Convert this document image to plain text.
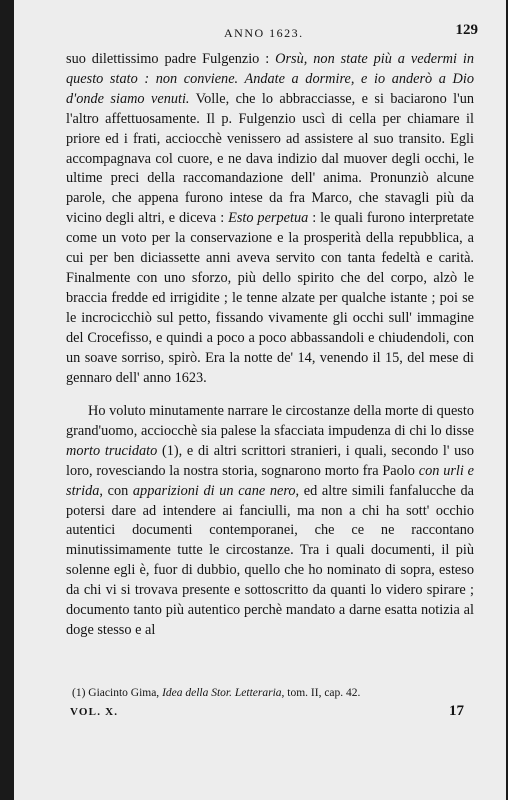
ANNO 1623.	129

suo dilettissimo padre Fulgenzio : Orsù, non state più a vedermi in questo stato : non conviene. Andate a dormire, e io anderò a Dio d'onde siamo venuti. Volle, che lo abbracciasse, e si baciarono l'un l'altro affettuosamente. Il p. Fulgenzio uscì di cella per chiamare il priore ed i frati, acciocchè venissero ad assistere al suo transito. Egli accompagnava col cuore, e ne dava indizio dal muover degli occhi, le ultime preci della raccomandazione dell' anima. Pronunziò alcune parole, che appena furono intese da fra Marco, che stavagli più da vicino degli altri, e diceva : Esto perpetua : le quali furono interpretate come un voto per la conservazione e la prosperità della repubblica, a cui per ben diciassette anni aveva servito con tanta fedeltà e carità. Finalmente con uno sforzo, più dello spirito che del corpo, alzò le braccia fredde ed irrigidite ; le tenne alzate per qualche istante ; poi se le incrocicchiò sul petto, fissando vivamente gli occhi sull' immagine del Crocefisso, e quindi a poco a poco abbassandoli e chiudendoli, con un soave sorriso, spirò. Era la notte de' 14, venendo il 15, del mese di gennaro dell' anno 1623.

Ho voluto minutamente narrare le circostanze della morte di questo grand'uomo, acciocchè sia palese la sfacciata impudenza di chi lo disse morto trucidato (1), e di altri scrittori stranieri, i quali, secondo l' uso loro, rovesciando la nostra storia, sognarono morto fra Paolo con urli e strida, con apparizioni di un cane nero, ed altre simili fanfalucche da potersi dare ad intendere ai fanciulli, ma non a chi ha sott' occhio autentici documenti contemporanei, che ce ne raccontano minutissimamente tutte le circostanze. Tra i quali documenti, il più solenne egli è, fuor di dubbio, quello che ho nominato di sopra, esteso da chi vi si trovava presente e sottoscritto da quanti lo videro spirare ; documento tanto più autentico perchè mandato a darne esatta notizia al doge stesso e al

(1) Giacinto Gima, Idea della Stor. Letteraria, tom. II, cap. 42.
VOL. X.	17
